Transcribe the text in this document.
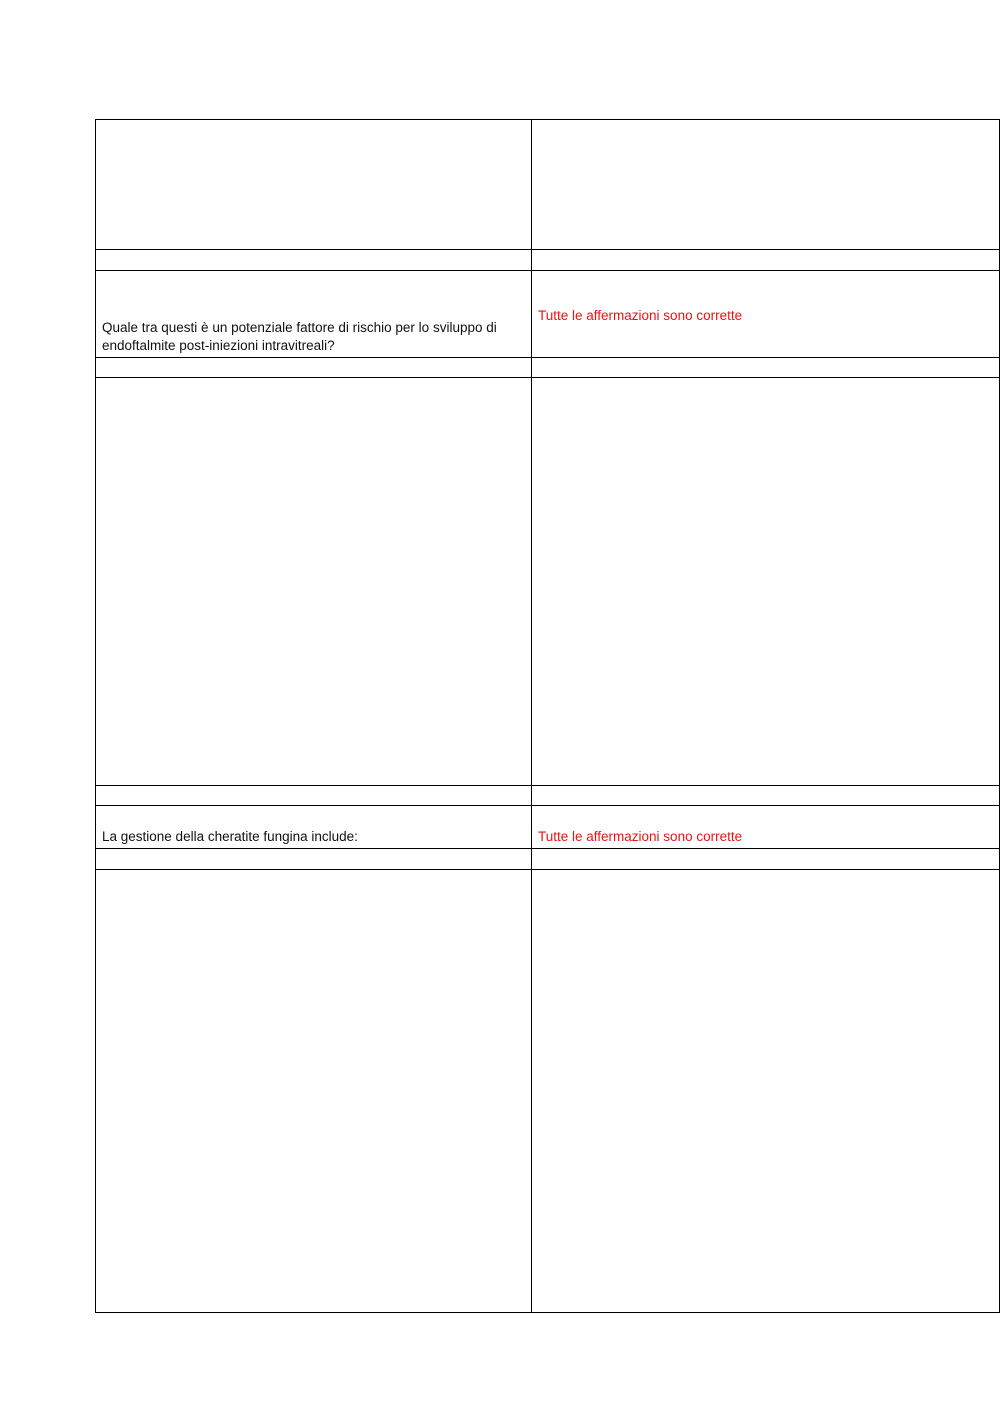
Quale tra questi è un potenziale fattore di rischio per lo sviluppo di endoftalmite post-iniezioni intravitreali?	Tutte le affermazioni sono corrette

La gestione della cheratite fungina include:	Tutte le affermazioni sono corrette
